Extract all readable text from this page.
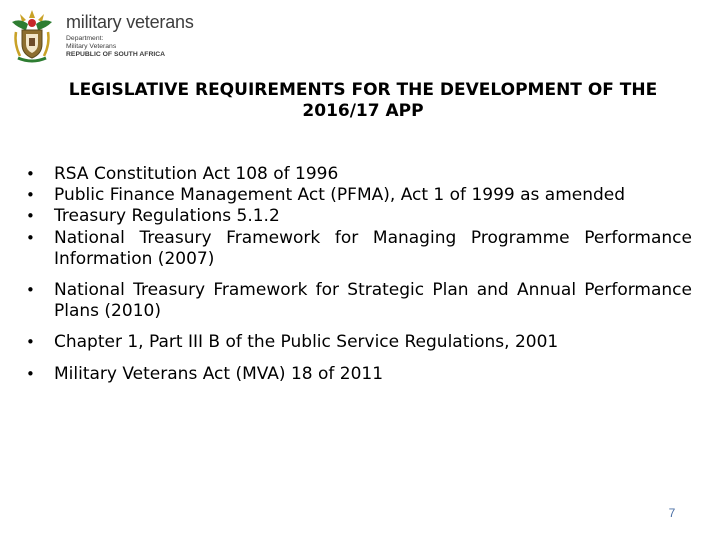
military veterans
Department:
Military Veterans
REPUBLIC OF SOUTH AFRICA
LEGISLATIVE REQUIREMENTS FOR THE DEVELOPMENT OF THE
2016/17 APP
• RSA Constitution Act 108 of 1996
• Public Finance Management Act (PFMA), Act 1 of 1999 as amended
• Treasury Regulations 5.1.2
• National Treasury Framework for Managing Programme Performance Information (2007)
• National Treasury Framework for Strategic Plan and Annual Performance Plans (2010)
• Chapter 1, Part III B of the Public Service Regulations, 2001
• Military Veterans Act (MVA) 18 of 2011
7
